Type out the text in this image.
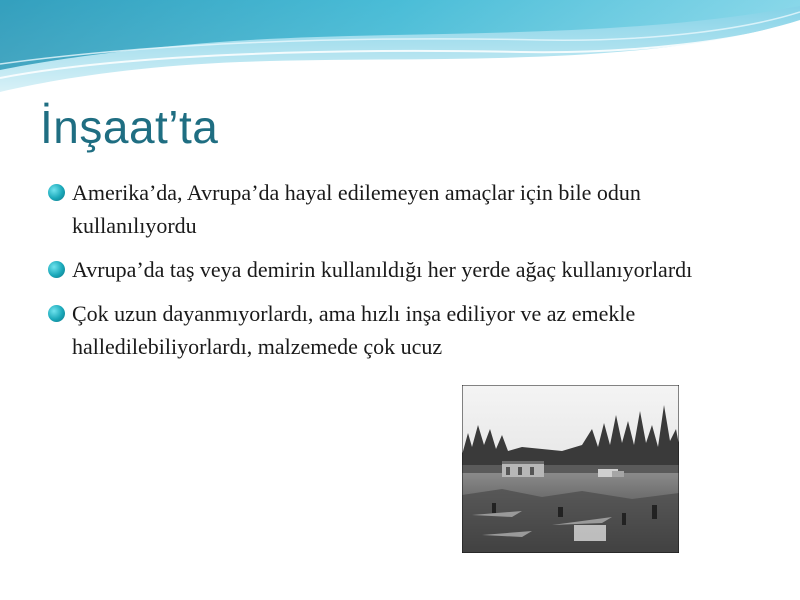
İnşaat’ta
Amerika’da, Avrupa’da hayal edilemeyen amaçlar için bile odun kullanılıyordu
Avrupa’da taş veya demirin kullanıldığı her yerde ağaç kullanıyorlardı
Çok uzun dayanmıyorlardı, ama hızlı inşa ediliyor ve az emekle halledilebiliyorlardı, malzemede çok ucuz
